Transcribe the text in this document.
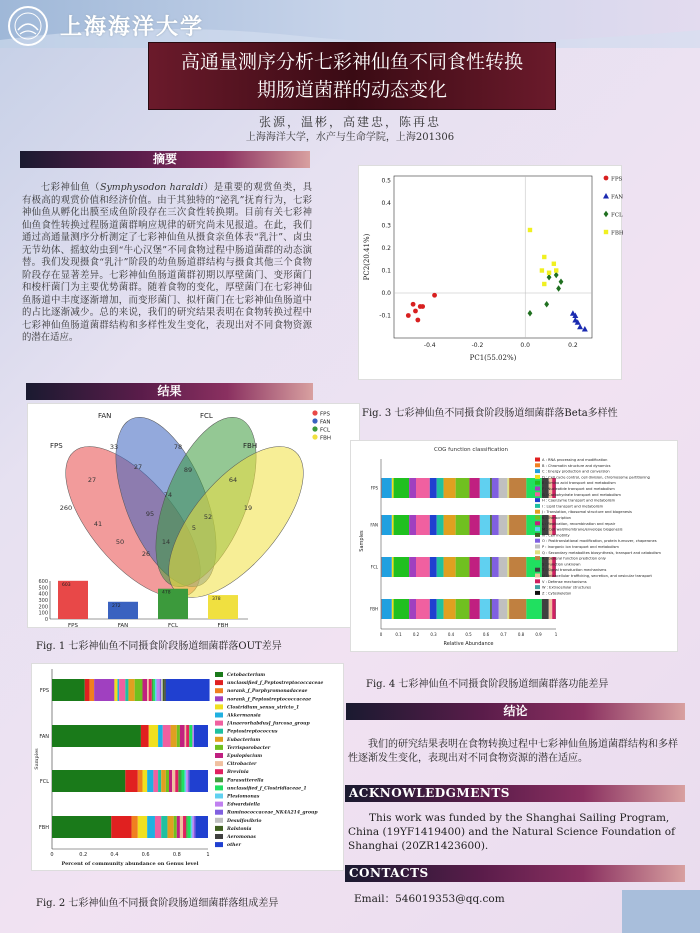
上海海洋大学
高通量测序分析七彩神仙鱼不同食性转换
期肠道菌群的动态变化
张源，温彬，高建忠，陈再忠
上海海洋大学，水产与生命学院，上海201306
摘要
七彩神仙鱼（Symphysodon haraldi）是重要的观赏鱼类，具有极高的观赏价值和经济价值。由于其独特的“泌乳”抚育行为，七彩神仙鱼从孵化出膜至成鱼阶段存在三次食性转换期。目前有关七彩神仙鱼食性转换过程肠道菌群响应规律的研究尚未见报道。在此，我们通过高通量测序分析测定了七彩神仙鱼从摄食亲鱼体表“乳汁”、卤虫无节幼体、摇蚊幼虫到“牛心汉堡”不同食物过程中肠道菌群的动态演替。我们发现摄食“乳汁”阶段的幼鱼肠道群结构与摄食其他三个食物阶段存在显著差异。七彩神仙鱼肠道菌群初期以厚壁菌门、变形菌门和梭杆菌门为主要优势菌群。随着食物的变化，厚壁菌门在七彩神仙鱼肠道中丰度逐渐增加，而变形菌门、拟杆菌门在七彩神仙鱼肠道中的占比逐渐减少。总的来说，我们的研究结果表明在食物转换过程中七彩神仙鱼肠道菌群结构和多样性发生变化，表现出对不同食物资源的潜在适应。
结果
FPS
FAN	FCL
FBH
260
33	78
19
27
27	89
64
74
41
95	52
5
50	14
26
FPS
FAN
FCL
FBH
0
100
200
300
400
500
600
603
FPS
272
FAN
478
FCL
378
FBH
Fig. 1 七彩神仙鱼不同摄食阶段肠道细菌群落OUT差异
FPS
FAN
FCL
FBH
0	0.2	0.4	0.6	0.8	1
Percent of community abundance on Genus level
Samples
Cetobacterium
unclassified_f_Peptostreptococcaceae
norank_f_Porphyromonadaceae
norank_f_Peptostreptococcaceae
Clostridium_sensu_stricto_1
Akkermansia
[Anaerorhabdus]_furcosa_group
Peptostreptococcus
Eubacterium
Terrisporobacter
Epulopiscium
Citrobacter
Brevinia
Parasutterella
unclassified_f_Clostridiaceae_1
Plesiomonas
Edwardsiella
Ruminococcaceae_NK4A214_group
Desulfovibrio
Ralstonia
Aeromonas
other
Fig. 2 七彩神仙鱼不同摄食阶段肠道细菌群落组成差异
-0.4	-0.2	0.0	0.2
0.5
0.4
0.3
0.2
0.1
0.0
-0.1
PC1(55.02%)
PC2(20.41%)
FPS
FAN
FCL
FBH
Fig. 3 七彩神仙鱼不同摄食阶段肠道细菌群落Beta多样性
COG function classification
FPS
FAN
FCL
FBH
0	0.1	0.2	0.3	0.4	0.5	0.6	0.7	0.8	0.9	1
Relative Abundance
Samples
A : RNA processing and modification
B : Chromatin structure and dynamics
C : Energy production and conversion
D : Cell cycle control, cell division, chromosome partitioning
E : Amino acid transport and metabolism
F : Nucleotide transport and metabolism
G : Carbohydrate transport and metabolism
H : Coenzyme transport and metabolism
I : Lipid transport and metabolism
J : Translation, ribosomal structure and biogenesis
K : Transcription
L : Replication, recombination and repair
M : Cell wall/membrane/envelope biogenesis
N : Cell motility
O : Posttranslational modification, protein turnover, chaperones
P : Inorganic ion transport and metabolism
Q : Secondary metabolites biosynthesis, transport and catabolism
R : General function prediction only
S : Function unknown
T : Signal transduction mechanisms
U : Intracellular trafficking, secretion, and vesicular transport
V : Defense mechanisms
W : Extracellular structures
Z : Cytoskeleton
Fig. 4 七彩神仙鱼不同摄食阶段肠道细菌群落功能差异
结论
我们的研究结果表明在食物转换过程中七彩神仙鱼肠道菌群结构和多样性逐渐发生变化，表现出对不同食物资源的潜在适应。
ACKNOWLEDGMENTS
This work was funded by the Shanghai Sailing Program, China (19YF1419400) and the Natural Science Foundation of Shanghai (20ZR1423600).
CONTACTS
Email：546019353@qq.com
